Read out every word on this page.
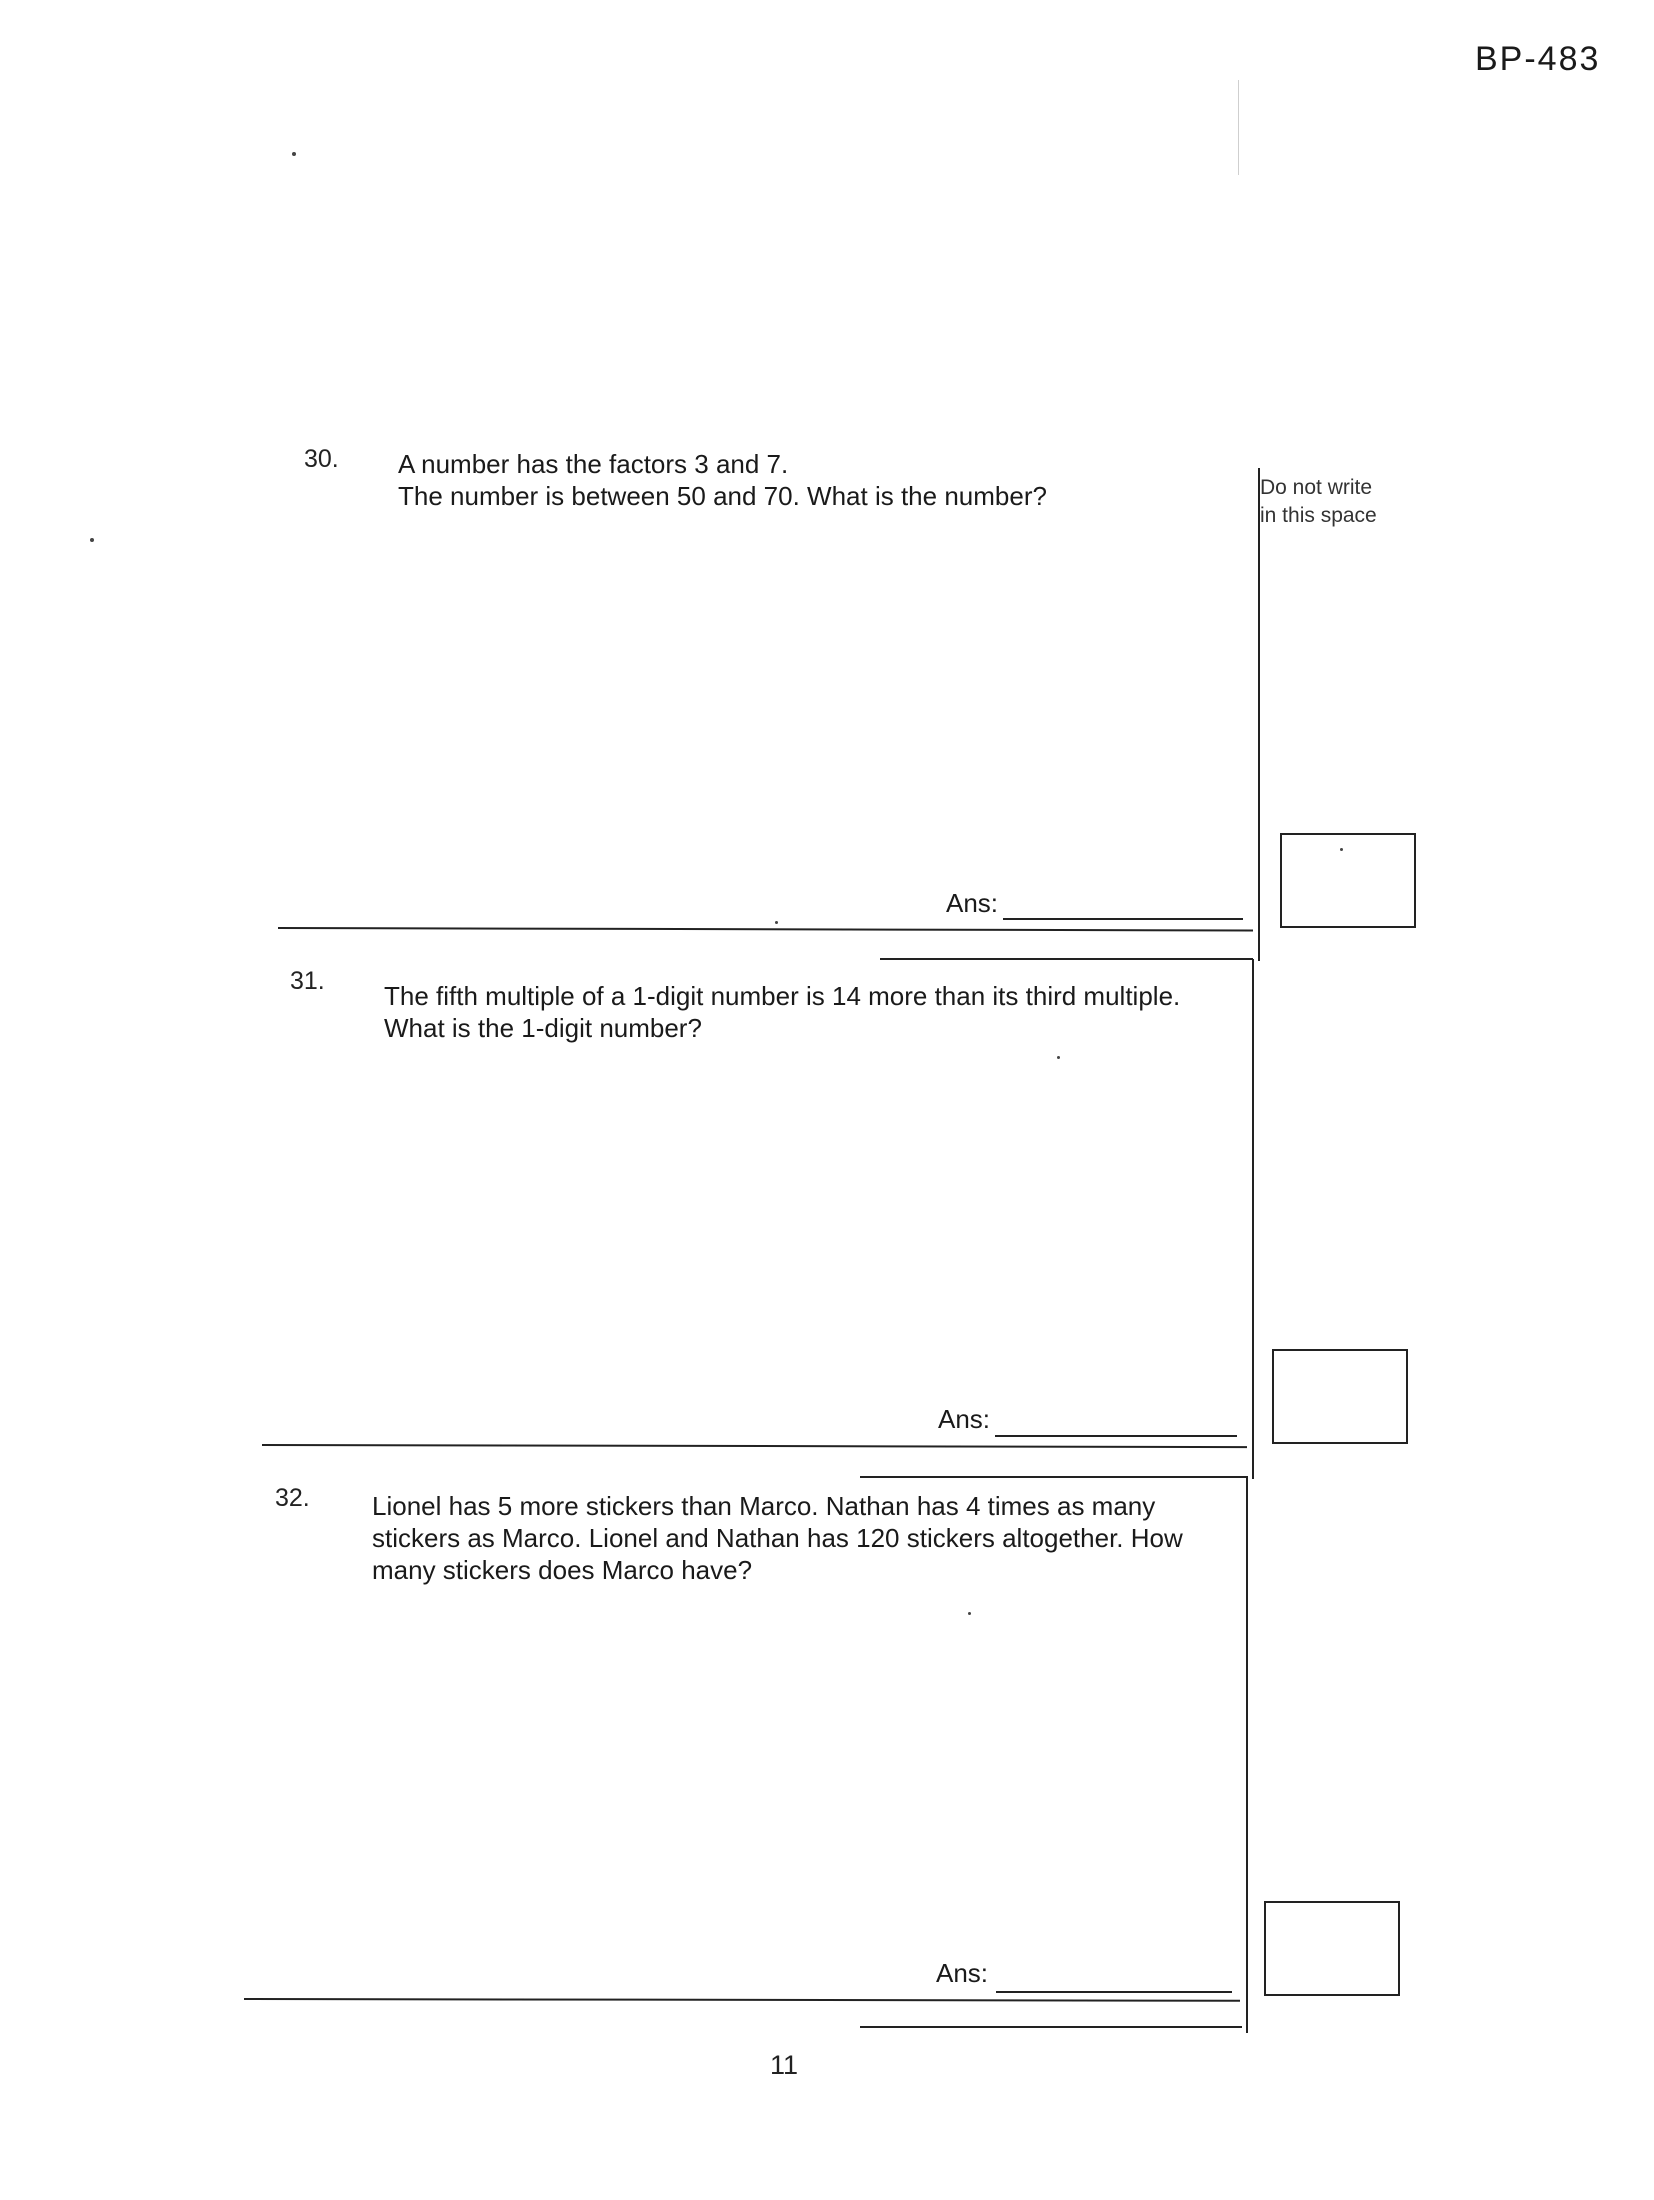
BP-483
Do not write
in this space
30. A number has the factors 3 and 7.
The number is between 50 and 70. What is the number?
Ans:
31. The fifth multiple of a 1-digit number is 14 more than its third multiple.
What is the 1-digit number?
Ans:
32. Lionel has 5 more stickers than Marco. Nathan has 4 times as many
stickers as Marco. Lionel and Nathan has 120 stickers altogether. How
many stickers does Marco have?
Ans:
11
